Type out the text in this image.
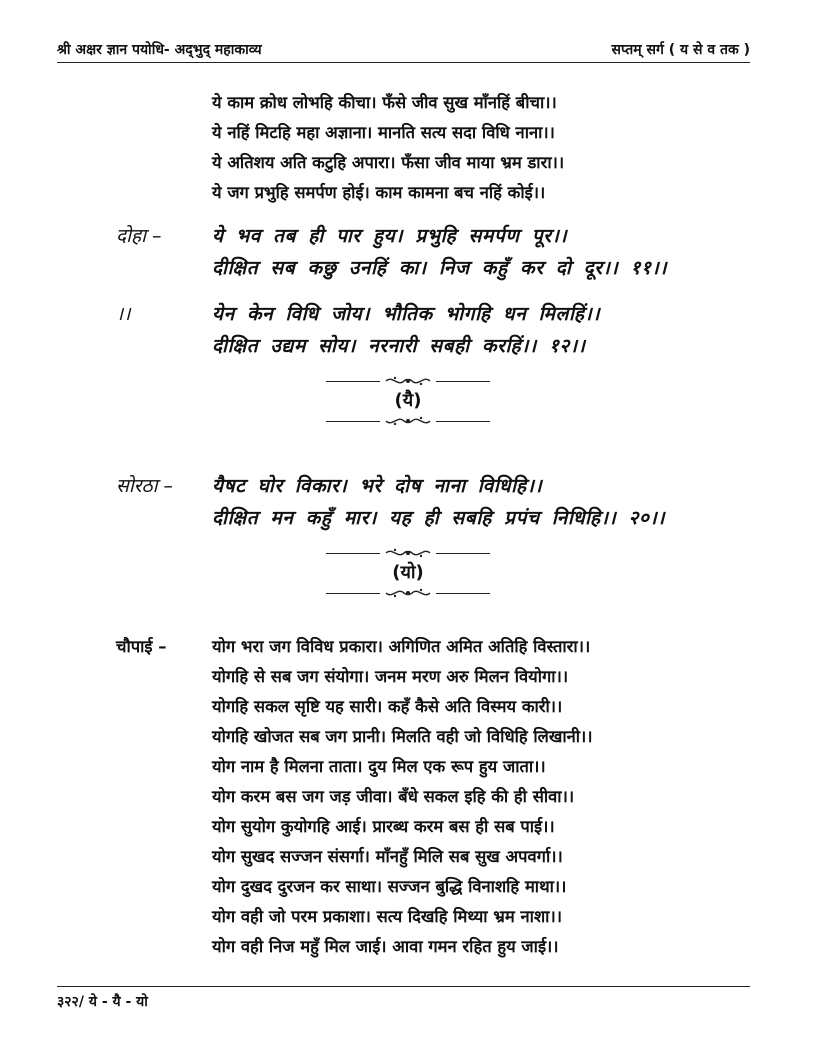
श्री अक्षर ज्ञान पयोधि- अद्‌भुद्‌ महाकाव्य	सप्तम्‌ सर्ग ( य से व तक )
ये काम क्रोध लोभहि कीचा। फँसे जीव सुख माँनहिं बीचा।।
ये नहिं मिटहि महा अज्ञाना। मानति सत्य सदा विधि नाना।।
ये अतिशय अति कटुहि अपारा। फँसा जीव माया भ्रम डारा।।
ये जग प्रभुहि समर्पण होई। काम कामना बच नहिं कोई।।
दोहा –	ये भव तब ही पार हुय। प्रभुहि समर्पण पूर।।
दीक्षित सब कछु उनहिं का। निज कहुँ कर दो दूर।। ११।।
।।	येन केन विधि जोय। भौतिक भोगहि धन मिलहिं।।
दीक्षित उद्यम सोय। नरनारी सबही करहिं।। १२।।
(यै)
सोरठा – यैषट घोर विकार। भरे दोष नाना विधिहि।।
दीक्षित मन कहुँ मार। यह ही सबहि प्रपंच निधिहि।। २०।।
(यो)
चौपाई –	योग भरा जग विविध प्रकारा। अगिणित अमित अतिहि विस्तारा।।
योगहि से सब जग संयोगा। जनम मरण अरु मिलन वियोगा।।
योगहि सकल सृष्टि यह सारी। कहँ कैसे अति विस्मय कारी।।
योगहि खोजत सब जग प्रानी। मिलति वही जो विधिहि लिखानी।।
योग नाम है मिलना ताता। दुय मिल एक रूप हुय जाता।।
योग करम बस जग जड़ जीवा। बँधे सकल इहि की ही सीवा।।
योग सुयोग कुयोगहि आई। प्रारब्ध करम बस ही सब पाई।।
योग सुखद सज्जन संसर्गा। माँनहुँ मिलि सब सुख अपवर्गा।।
योग दुखद दुरजन कर साथा। सज्जन बुद्धि विनाशहि माथा।।
योग वही जो परम प्रकाशा। सत्य दिखहि मिथ्या भ्रम नाशा।।
योग वही निज महुँ मिल जाई। आवा गमन रहित हुय जाई।।
३२२/ ये - यै - यो
